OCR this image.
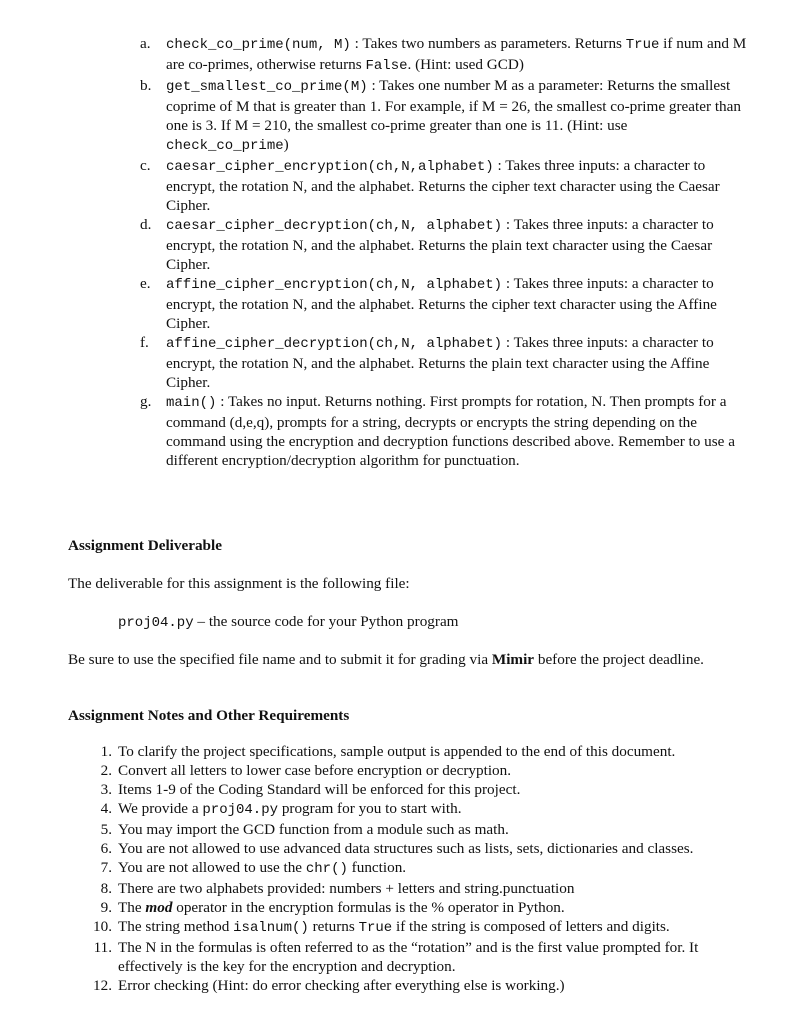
a. check_co_prime(num, M) : Takes two numbers as parameters. Returns True if num and M are co-primes, otherwise returns False. (Hint: used GCD)
b. get_smallest_co_prime(M) : Takes one number M as a parameter: Returns the smallest coprime of M that is greater than 1. For example, if M = 26, the smallest co-prime greater than one is 3. If M = 210, the smallest co-prime greater than one is 11. (Hint: use check_co_prime)
c. caesar_cipher_encryption(ch,N,alphabet) : Takes three inputs: a character to encrypt, the rotation N, and the alphabet. Returns the cipher text character using the Caesar Cipher.
d. caesar_cipher_decryption(ch,N, alphabet) : Takes three inputs: a character to encrypt, the rotation N, and the alphabet. Returns the plain text character using the Caesar Cipher.
e. affine_cipher_encryption(ch,N, alphabet) : Takes three inputs: a character to encrypt, the rotation N, and the alphabet. Returns the cipher text character using the Affine Cipher.
f. affine_cipher_decryption(ch,N, alphabet) : Takes three inputs: a character to encrypt, the rotation N, and the alphabet. Returns the plain text character using the Affine Cipher.
g. main() : Takes no input. Returns nothing. First prompts for rotation, N. Then prompts for a command (d,e,q), prompts for a string, decrypts or encrypts the string depending on the command using the encryption and decryption functions described above. Remember to use a different encryption/decryption algorithm for punctuation.

Assignment Deliverable

The deliverable for this assignment is the following file:

proj04.py – the source code for your Python program

Be sure to use the specified file name and to submit it for grading via Mimir before the project deadline.

Assignment Notes and Other Requirements

1. To clarify the project specifications, sample output is appended to the end of this document.
2. Convert all letters to lower case before encryption or decryption.
3. Items 1-9 of the Coding Standard will be enforced for this project.
4. We provide a proj04.py program for you to start with.
5. You may import the GCD function from a module such as math.
6. You are not allowed to use advanced data structures such as lists, sets, dictionaries and classes.
7. You are not allowed to use the chr() function.
8. There are two alphabets provided: numbers + letters and string.punctuation
9. The mod operator in the encryption formulas is the % operator in Python.
10. The string method isalnum() returns True if the string is composed of letters and digits.
11. The N in the formulas is often referred to as the “rotation” and is the first value prompted for. It effectively is the key for the encryption and decryption.
12. Error checking (Hint: do error checking after everything else is working.)
